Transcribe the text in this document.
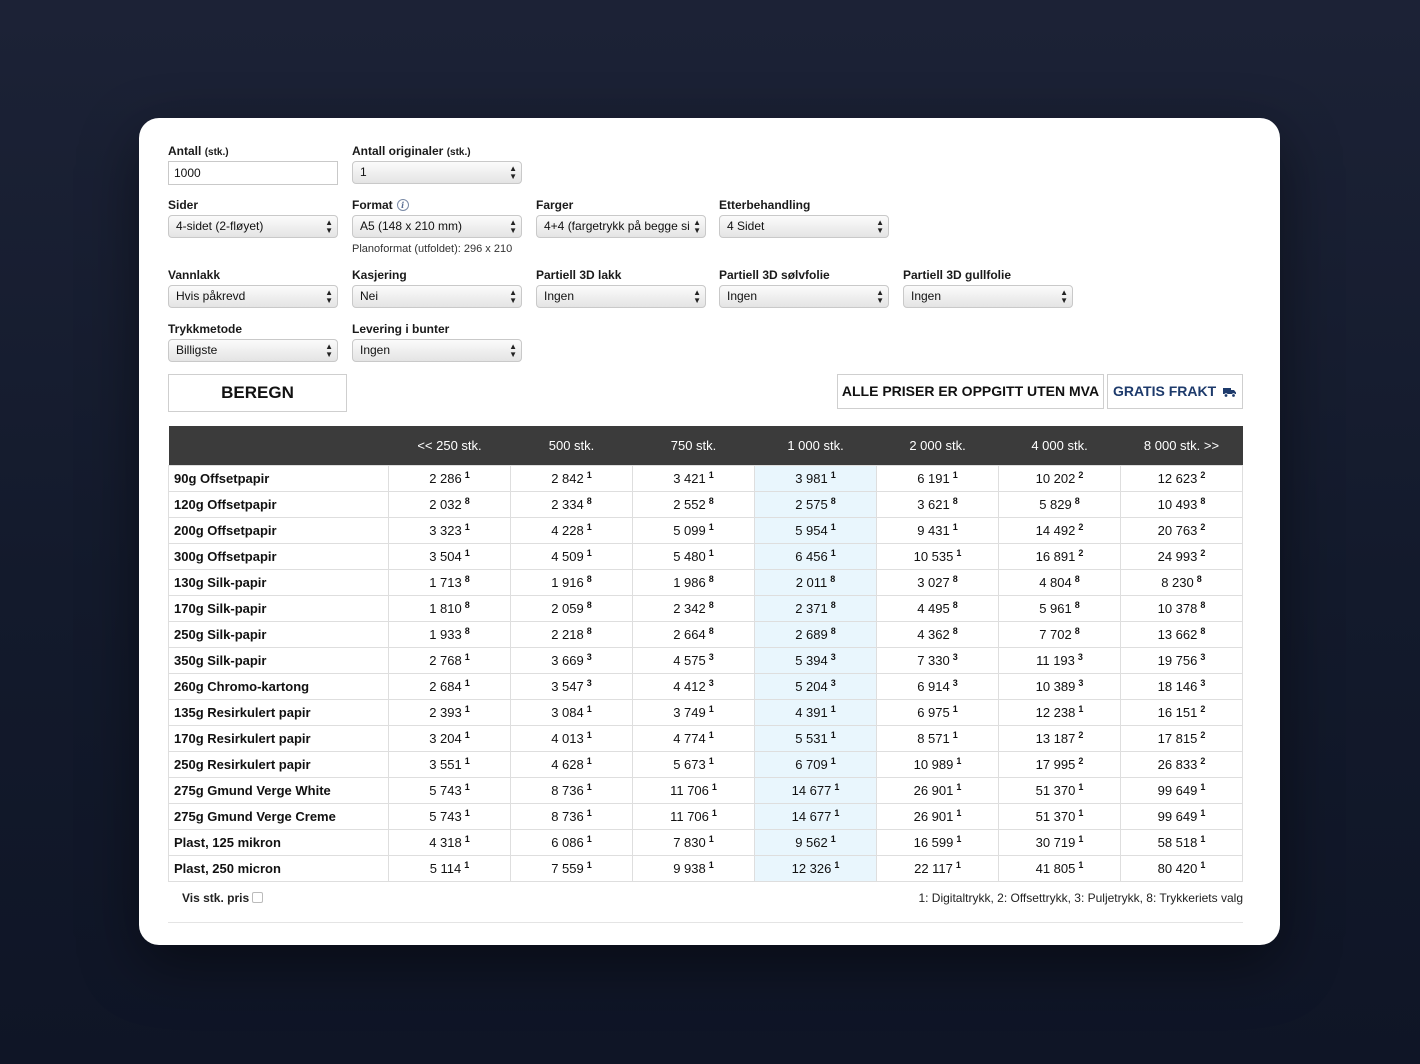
Antall (stk.)
1000
Antall originaler (stk.)
1	▲
▼
Sider
4-sidet (2-fløyet)	▲
▼
Format i
A5 (148 x 210 mm)	▲
▼
Planoformat (utfoldet): 296 x 210
Farger
4+4 (fargetrykk på begge si ▲
▼
Etterbehandling
4 Sidet	▲
▼
Vannlakk
Hvis påkrevd	▲
▼
Kasjering
Nei	▲
▼
Partiell 3D lakk
Ingen	▲
▼
Partiell 3D sølvfolie
Ingen	▲
▼
Partiell 3D gullfolie
Ingen	▲
▼
Trykkmetode
Billigste	▲
▼
Levering i bunter
Ingen	▲
▼
BEREGN	ALLE PRISER ER OPPGITT UTEN MVA GRATIS FRAKT
	<< 250 stk.	500 stk.	750 stk.	1 000 stk.	2 000 stk.	4 000 stk.	8 000 stk. >>
90g Offsetpapir	2 286 $^1$	2 842 $^1$	3 421 $^1$	3 981 $^1$	6 191 $^1$	10 202 $^2$	12 623 $^2$
120g Offsetpapir	2 032 $^8$	2 334 $^8$	2 552 $^8$	2 575 $^8$	3 621 $^8$	5 829 $^8$	10 493 $^8$
200g Offsetpapir	3 323 $^1$	4 228 $^1$	5 099 $^1$	5 954 $^1$	9 431 $^1$	14 492 $^2$	20 763 $^2$
300g Offsetpapir	3 504 $^1$	4 509 $^1$	5 480 $^1$	6 456 $^1$	10 535 $^1$	16 891 $^2$	24 993 $^2$
130g Silk-papir	1 713 $^8$	1 916 $^8$	1 986 $^8$	2 011 $^8$	3 027 $^8$	4 804 $^8$	8 230 $^8$
170g Silk-papir	1 810 $^8$	2 059 $^8$	2 342 $^8$	2 371 $^8$	4 495 $^8$	5 961 $^8$	10 378 $^8$
250g Silk-papir	1 933 $^8$	2 218 $^8$	2 664 $^8$	2 689 $^8$	4 362 $^8$	7 702 $^8$	13 662 $^8$
350g Silk-papir	2 768 $^1$	3 669 $^3$	4 575 $^3$	5 394 $^3$	7 330 $^3$	11 193 $^3$	19 756 $^3$
260g Chromo-kartong	2 684 $^1$	3 547 $^3$	4 412 $^3$	5 204 $^3$	6 914 $^3$	10 389 $^3$	18 146 $^3$
135g Resirkulert papir	2 393 $^1$	3 084 $^1$	3 749 $^1$	4 391 $^1$	6 975 $^1$	12 238 $^1$	16 151 $^2$
170g Resirkulert papir	3 204 $^1$	4 013 $^1$	4 774 $^1$	5 531 $^1$	8 571 $^1$	13 187 $^2$	17 815 $^2$
250g Resirkulert papir	3 551 $^1$	4 628 $^1$	5 673 $^1$	6 709 $^1$	10 989 $^1$	17 995 $^2$	26 833 $^2$
275g Gmund Verge White	5 743 $^1$	8 736 $^1$	11 706 $^1$	14 677 $^1$	26 901 $^1$	51 370 $^1$	99 649 $^1$
275g Gmund Verge Creme	5 743 $^1$	8 736 $^1$	11 706 $^1$	14 677 $^1$	26 901 $^1$	51 370 $^1$	99 649 $^1$
Plast, 125 mikron	4 318 $^1$	6 086 $^1$	7 830 $^1$	9 562 $^1$	16 599 $^1$	30 719 $^1$	58 518 $^1$
Plast, 250 micron	5 114 $^1$	7 559 $^1$	9 938 $^1$	12 326 $^1$	22 117 $^1$	41 805 $^1$	80 420 $^1$
Vis stk. pris	1: Digitaltrykk, 2: Offsettrykk, 3: Puljetrykk, 8: Trykkeriets valg
